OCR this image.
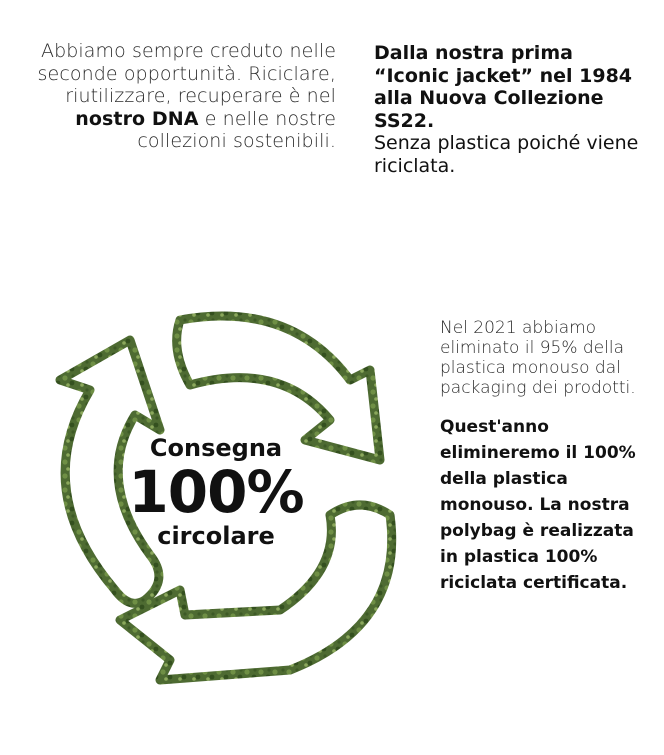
Abbiamo sempre creduto nelle seconde opportunità. Riciclare, riutilizzare, recuperare è nel nostro DNA e nelle nostre collezioni sostenibili.
Dalla nostra prima “Iconic jacket” nel 1984 alla Nuova Collezione SS22.
Senza plastica poiché viene riciclata.
Consegna
100%
circolare
Nel 2021 abbiamo eliminato il 95% della plastica monouso dal packaging dei prodotti.
Quest'anno elimineremo il 100% della plastica monouso. La nostra polybag è realizzata in plastica 100% riciclata certificata.
